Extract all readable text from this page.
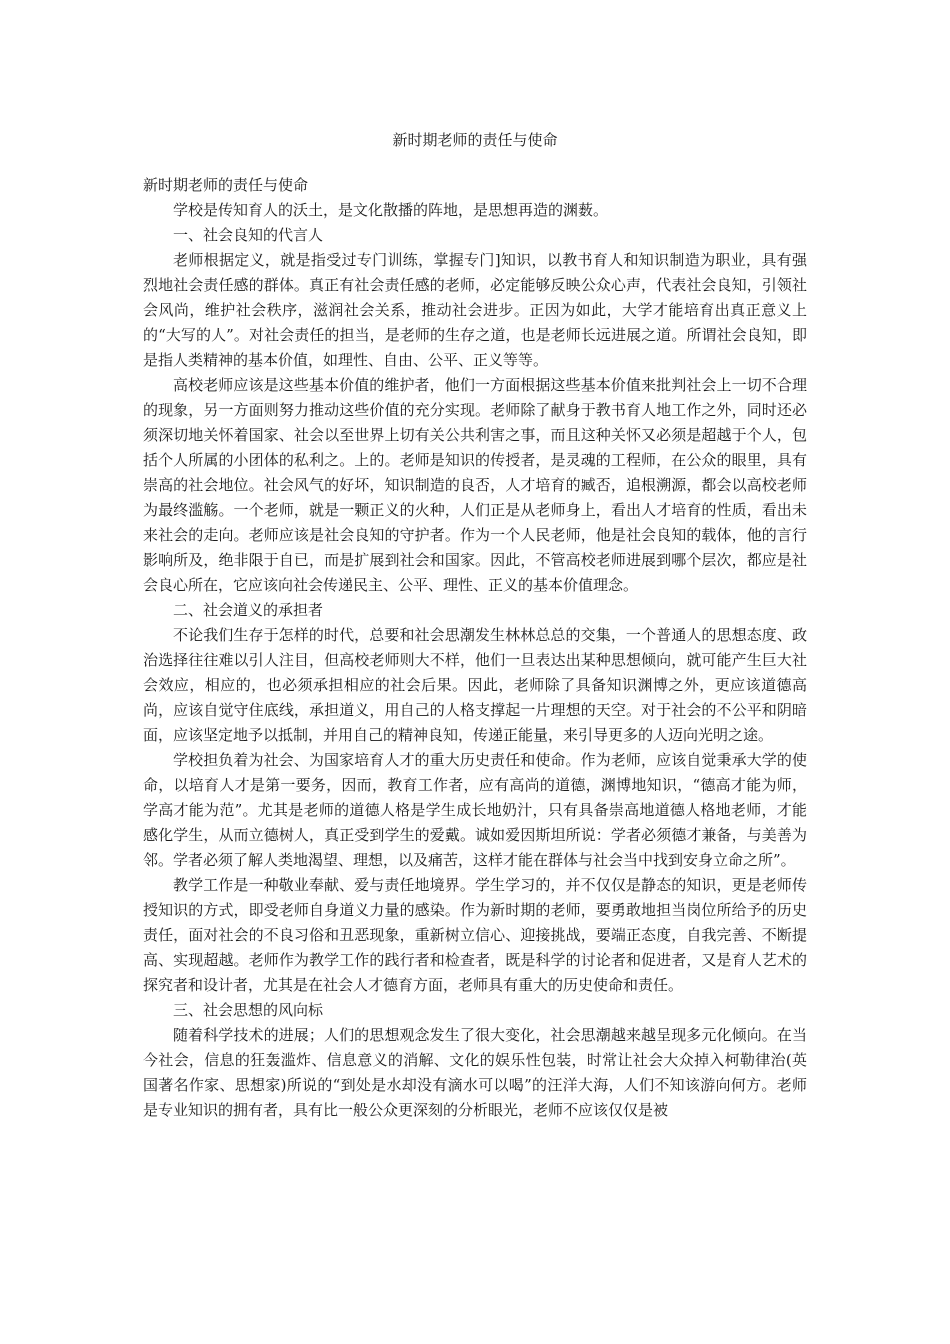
新时期老师的责任与使命

新时期老师的责任与使命

学校是传知育人的沃土，是文化散播的阵地，是思想再造的渊薮。

一、社会良知的代言人

老师根据定义，就是指受过专门训练，掌握专门]知识，以教书育人和知识制造为职业，具有强烈地社会责任感的群体。真正有社会责任感的老师，必定能够反映公众心声，代表社会良知，引领社会风尚，维护社会秩序，滋润社会关系，推动社会进步。正因为如此，大学才能培育出真正意义上的“大写的人”。对社会责任的担当，是老师的生存之道，也是老师长远进展之道。所谓社会良知，即是指人类精神的基本价值，如理性、自由、公平、正义等等。

高校老师应该是这些基本价值的维护者，他们一方面根据这些基本价值来批判社会上一切不合理的现象，另一方面则努力推动这些价值的充分实现。老师除了献身于教书育人地工作之外，同时还必须深切地关怀着国家、社会以至世界上切有关公共利害之事，而且这种关怀又必须是超越于个人，包括个人所属的小团体的私利之。上的。老师是知识的传授者，是灵魂的工程师，在公众的眼里，具有崇高的社会地位。社会风气的好坏，知识制造的良否，人才培育的臧否，追根溯源，都会以高校老师为最终滥觞。一个老师，就是一颗正义的火种，人们正是从老师身上，看出人才培育的性质，看出未来社会的走向。老师应该是社会良知的守护者。作为一个人民老师，他是社会良知的载体，他的言行影响所及，绝非限于自已，而是扩展到社会和国家。因此，不管高校老师进展到哪个层次，都应是社会良心所在，它应该向社会传递民主、公平、理性、正义的基本价值理念。

二、社会道义的承担者

不论我们生存于怎样的时代，总要和社会思潮发生林林总总的交集，一个普通人的思想态度、政治选择往往难以引人注目，但高校老师则大不样，他们一旦表达出某种思想倾向，就可能产生巨大社会效应，相应的，也必须承担相应的社会后果。因此，老师除了具备知识渊博之外，更应该道德高尚，应该自觉守住底线，承担道义，用自己的人格支撑起一片理想的天空。对于社会的不公平和阴暗面，应该坚定地予以抵制，并用自己的精神良知，传递正能量，来引导更多的人迈向光明之途。

学校担负着为社会、为国家培育人才的重大历史责任和使命。作为老师，应该自觉秉承大学的使命，以培育人才是第一要务，因而，教育工作者，应有高尚的道德，渊博地知识，“德高才能为师，学高才能为范”。尤其是老师的道德人格是学生成长地奶汁，只有具备崇高地道德人格地老师，才能感化学生，从而立德树人，真正受到学生的爱戴。诚如爱因斯坦所说：学者必须德才兼备，与美善为邻。学者必须了解人类地渴望、理想，以及痛苦，这样才能在群体与社会当中找到安身立命之所”。

教学工作是一种敬业奉献、爱与责任地境界。学生学习的，并不仅仅是静态的知识，更是老师传授知识的方式，即受老师自身道义力量的感染。作为新时期的老师，要勇敢地担当岗位所给予的历史责任，面对社会的不良习俗和丑恶现象，重新树立信心、迎接挑战，要端正态度，自我完善、不断提高、实现超越。老师作为教学工作的践行者和检查者，既是科学的讨论者和促进者，又是育人艺术的探究者和设计者，尤其是在社会人才德育方面，老师具有重大的历史使命和责任。

三、社会思想的风向标

随着科学技术的进展；人们的思想观念发生了很大变化，社会思潮越来越呈现多元化倾向。在当今社会，信息的狂轰滥炸、信息意义的消解、文化的娱乐性包装，时常让社会大众掉入柯勒律治(英国著名作家、思想家)所说的“到处是水却没有滴水可以喝”的汪洋大海，人们不知该游向何方。老师是专业知识的拥有者，具有比一般公众更深刻的分析眼光，老师不应该仅仅是被
